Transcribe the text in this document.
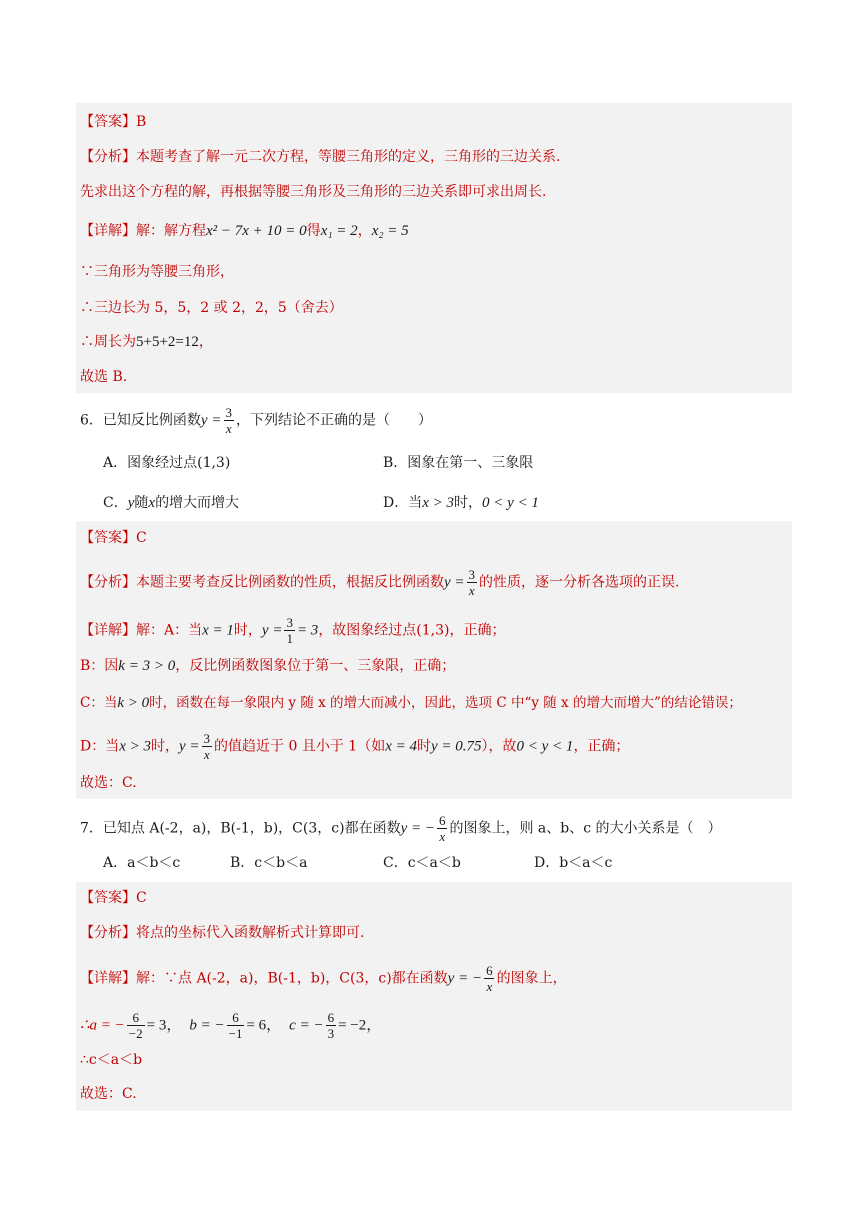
【答案】B
【分析】本题考查了解一元二次方程，等腰三角形的定义，三角形的三边关系.
先求出这个方程的解，再根据等腰三角形及三角形的三边关系即可求出周长.
【详解】解：解方程x² − 7x + 10 = 0得x₁ = 2，x₂ = 5
∵三角形为等腰三角形，
∴三边长为 5，5，2 或 2，2，5（舍去）
∴周长为5+5+2=12，
故选 B.
6．已知反比例函数$y = \frac{3}{x}$ ，下列结论不正确的是（　　）
A．图象经过点(1,3)	B．图象在第一、三象限
C．y随x的增大而增大	D．当x > 3时，0 < y < 1
【答案】C
【分析】本题主要考查反比例函数的性质，根据反比例函数$y = \frac{3}{x}$ 的性质，逐一分析各选项的正误.
【详解】解：A：当x = 1时，$y = \frac{3}{1} = 3$，故图象经过点(1,3)，正确；
B：因k = 3 > 0，反比例函数图象位于第一、三象限，正确；
C：当k > 0时，函数在每一象限内 y 随 x 的增大而减小，因此，选项 C 中“y 随 x 的增大而增大”的结论错误；
D：当x > 3时，$y = \frac{3}{x}$ 的值趋近于 0 且小于 1（如x = 4时y = 0.75），故0 < y < 1，正确；
故选：C.
7．已知点 A(-2，a)，B(-1，b)，C(3，c)都在函数y = − $\frac{6}{x}$ 的图象上，则 a、b、c 的大小关系是（　）
A．a＜b＜c	B．c＜b＜a	C．c＜a＜b	D．b＜a＜c
【答案】C
【分析】将点的坐标代入函数解析式计算即可.
【详解】解：∵点 A(-2，a)，B(-1，b)，C(3，c)都在函数y = − $\frac{6}{x}$ 的图象上，
∴a = − $\frac{6}{-2} = 3$， b = − $\frac{6}{-1} = 6$， c = − $\frac{6}{3} = -2$，
∴c＜a＜b
故选：C.
